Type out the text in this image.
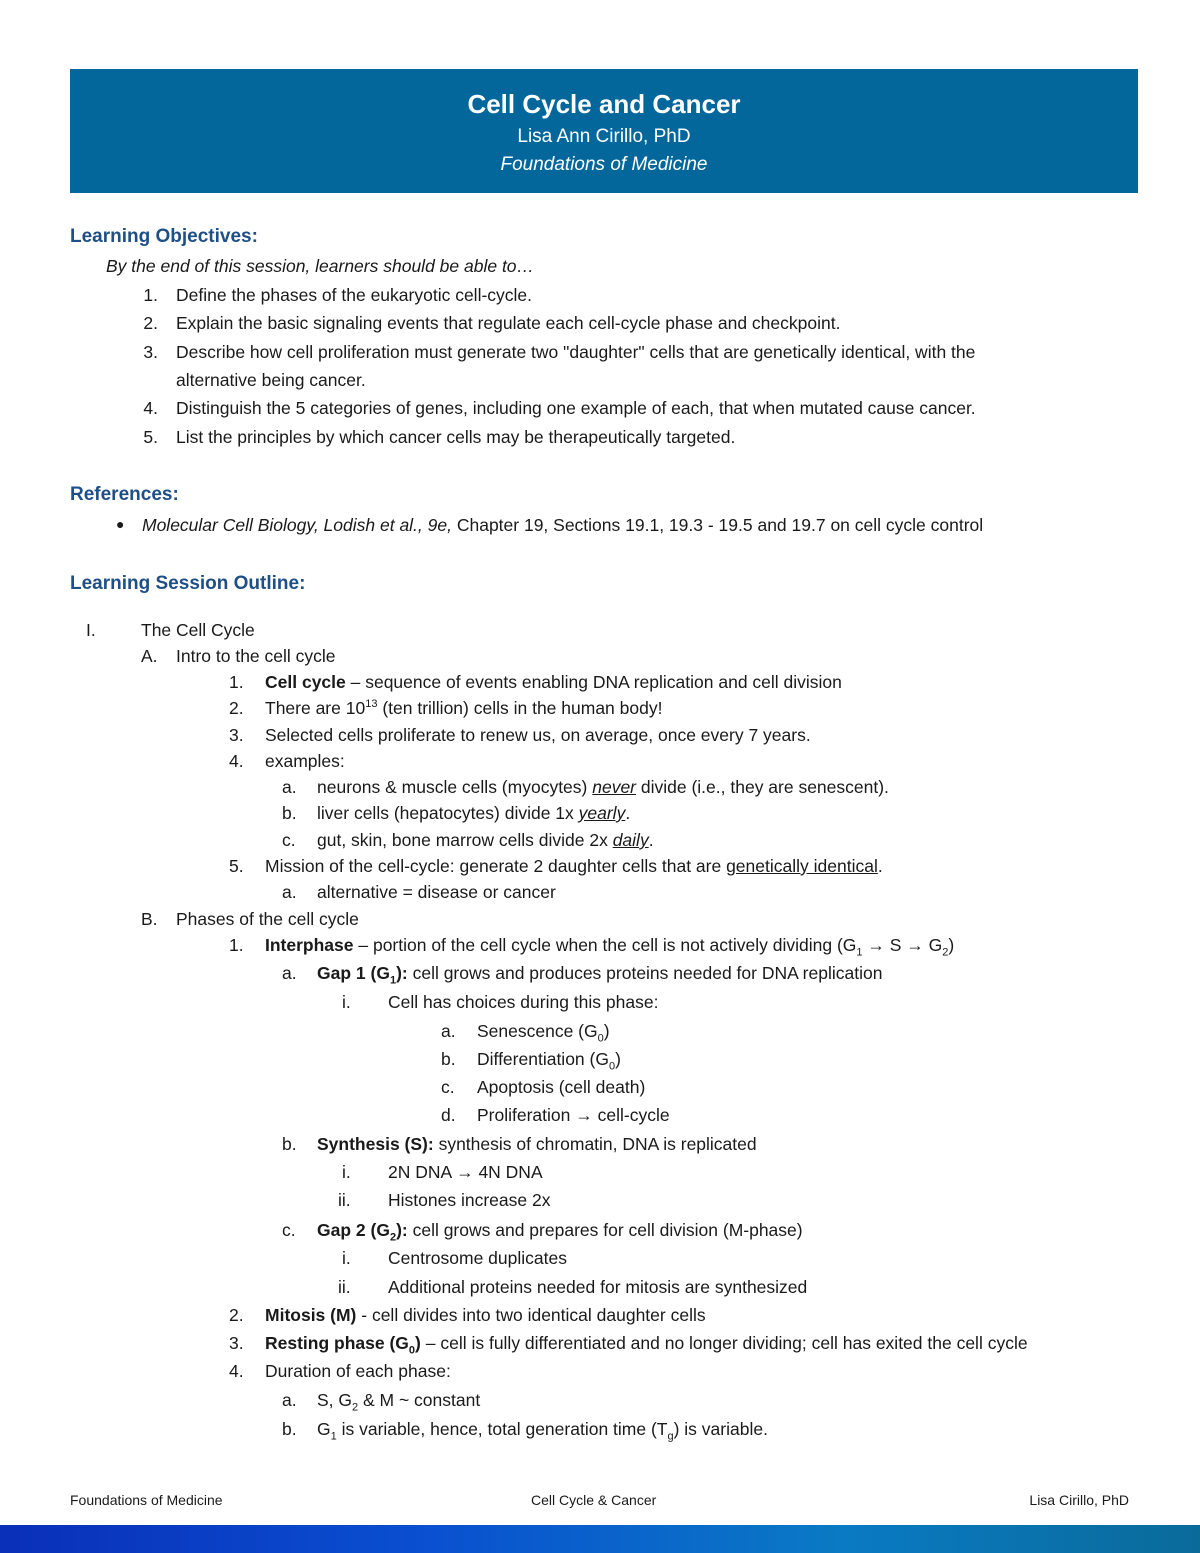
Cell Cycle and Cancer
Lisa Ann Cirillo, PhD
Foundations of Medicine
Learning Objectives:
By the end of this session, learners should be able to…
1. Define the phases of the eukaryotic cell-cycle.
2. Explain the basic signaling events that regulate each cell-cycle phase and checkpoint.
3. Describe how cell proliferation must generate two "daughter" cells that are genetically identical, with the
alternative being cancer.
4. Distinguish the 5 categories of genes, including one example of each, that when mutated cause cancer.
5. List the principles by which cancer cells may be therapeutically targeted.
References:
● Molecular Cell Biology, Lodish et al., 9e, Chapter 19, Sections 19.1, 19.3 - 19.5 and 19.7 on cell cycle control
Learning Session Outline:
I.	The Cell Cycle
A. Intro to the cell cycle
1. Cell cycle – sequence of events enabling DNA replication and cell division
2. There are $10^{13}$ (ten trillion) cells in the human body!
3. Selected cells proliferate to renew us, on average, once every 7 years.
4. examples:
a. neurons & muscle cells (myocytes) never divide (i.e., they are senescent).
b. liver cells (hepatocytes) divide 1x yearly.
c. gut, skin, bone marrow cells divide 2x daily.
5. Mission of the cell-cycle: generate 2 daughter cells that are genetically identical.
a. alternative = disease or cancer
B. Phases of the cell cycle
1. Interphase – portion of the cell cycle when the cell is not actively dividing $(G_1 \to S \to G_2)$
a. Gap 1 $(G_1)$: cell grows and produces proteins needed for DNA replication
i. Cell has choices during this phase:
a. Senescence $(G_0)$
b. Differentiation $(G_0)$
c. Apoptosis (cell death)
d. Proliferation → cell-cycle
b. Synthesis (S): synthesis of chromatin, DNA is replicated
i. 2N DNA → 4N DNA
ii. Histones increase 2x
c. Gap 2 $(G_2)$: cell grows and prepares for cell division (M-phase)
i. Centrosome duplicates
ii. Additional proteins needed for mitosis are synthesized
2. Mitosis (M) - cell divides into two identical daughter cells
3. Resting phase $(G_0)$ – cell is fully differentiated and no longer dividing; cell has exited the cell cycle
4. Duration of each phase:
a. S, $G_2$ & M ~ constant
b. $G_1$ is variable, hence, total generation time $(T_g)$ is variable.
Foundations of Medicine	Cell Cycle & Cancer	Lisa Cirillo, PhD
